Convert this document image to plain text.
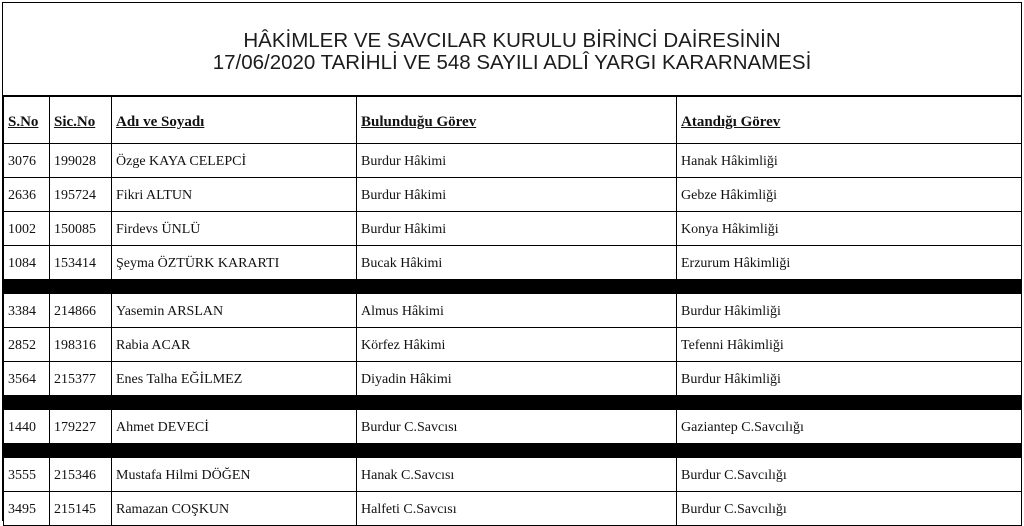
HÂKİMLER VE SAVCILAR KURULU BİRİNCİ DAİRESİNİN
17/06/2020 TARİHLİ VE 548 SAYILI ADLÎ YARGI KARARNAMESİ
S.No	Sic.No	Adı ve Soyadı	Bulunduğu Görev	Atandığı Görev
3076	199028	Özge KAYA CELEPCİ	Burdur Hâkimi	Hanak Hâkimliği
2636	195724	Fikri ALTUN	Burdur Hâkimi	Gebze Hâkimliği
1002	150085	Firdevs ÜNLÜ	Burdur Hâkimi	Konya Hâkimliği
1084	153414	Şeyma ÖZTÜRK KARARTI	Bucak Hâkimi	Erzurum Hâkimliği

3384	214866	Yasemin ARSLAN	Almus Hâkimi	Burdur Hâkimliği
2852	198316	Rabia ACAR	Körfez Hâkimi	Tefenni Hâkimliği
3564	215377	Enes Talha EĞİLMEZ	Diyadin Hâkimi	Burdur Hâkimliği

1440	179227	Ahmet DEVECİ	Burdur C.Savcısı	Gaziantep C.Savcılığı

3555	215346	Mustafa Hilmi DÖĞEN	Hanak C.Savcısı	Burdur C.Savcılığı
3495	215145	Ramazan COŞKUN	Halfeti C.Savcısı	Burdur C.Savcılığı
